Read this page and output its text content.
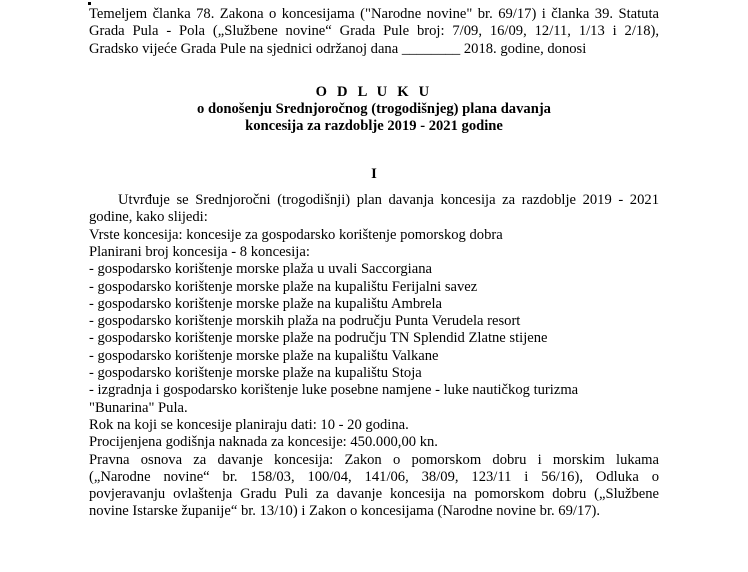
Temeljem članka 78. Zakona o koncesijama ("Narodne novine" br. 69/17) i članka 39. Statuta
Grada Pula - Pola („Službene novine“ Grada Pule broj: 7/09, 16/09, 12/11, 1/13 i 2/18),
Gradsko vijeće Grada Pule na sjednici održanoj dana ________ 2018. godine, donosi
O D L U K U
o donošenju Srednjoročnog (trogodišnjeg) plana davanja
koncesija za razdoblje 2019 - 2021 godine
I
Utvrđuje se Srednjoročni (trogodišnji) plan davanja koncesija za razdoblje 2019 - 2021
godine, kako slijedi:
Vrste koncesija: koncesije za gospodarsko korištenje pomorskog dobra
Planirani broj koncesija - 8 koncesija:
- gospodarsko korištenje morske plaža u uvali Saccorgiana
- gospodarsko korištenje morske plaže na kupalištu Ferijalni savez
- gospodarsko korištenje morske plaže na kupalištu Ambrela
- gospodarsko korištenje morskih plaža na području Punta Verudela resort
- gospodarsko korištenje morske plaže na području TN Splendid Zlatne stijene
- gospodarsko korištenje morske plaže na kupalištu Valkane
- gospodarsko korištenje morske plaže na kupalištu Stoja
- izgradnja i gospodarsko korištenje luke posebne namjene - luke nautičkog turizma
"Bunarina" Pula.
Rok na koji se koncesije planiraju dati: 10 - 20 godina.
Procijenjena godišnja naknada za koncesije: 450.000,00 kn.
Pravna osnova za davanje koncesija: Zakon o pomorskom dobru i morskim lukama
(„Narodne novine“ br. 158/03, 100/04, 141/06, 38/09, 123/11 i 56/16), Odluka o
povjeravanju ovlaštenja Gradu Puli za davanje koncesija na pomorskom dobru („Službene
novine Istarske županije“ br. 13/10) i Zakon o koncesijama (Narodne novine br. 69/17).
